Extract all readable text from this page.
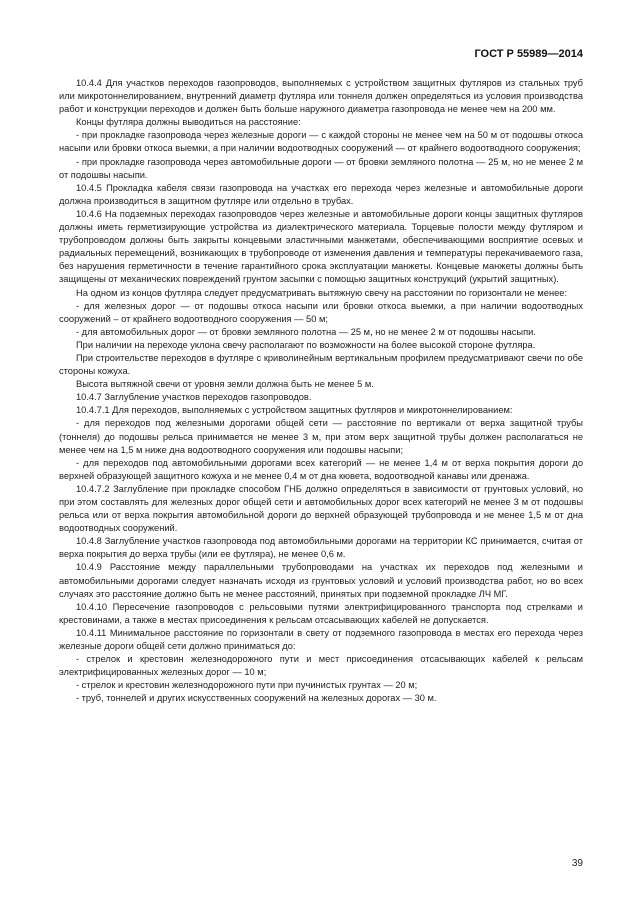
ГОСТ Р 55989—2014

10.4.4 Для участков переходов газопроводов, выполняемых с устройством защитных футляров из стальных труб или микротоннелированием, внутренний диаметр футляра или тоннеля должен определяться из условия производства работ и конструкции переходов и должен быть больше наружного диаметра газопровода не менее чем на 200 мм.

Концы футляра должны выводиться на расстояние:

- при прокладке газопровода через железные дороги — с каждой стороны не менее чем на 50 м от подошвы откоса насыпи или бровки откоса выемки, а при наличии водоотводных сооружений — от крайнего водоотводного сооружения;

- при прокладке газопровода через автомобильные дороги — от бровки земляного полотна — 25 м, но не менее 2 м от подошвы насыпи.

10.4.5 Прокладка кабеля связи газопровода на участках его перехода через железные и автомобильные дороги должна производиться в защитном футляре или отдельно в трубах.

10.4.6 На подземных переходах газопроводов через железные и автомобильные дороги концы защитных футляров должны иметь герметизирующие устройства из диэлектрического материала. Торцевые полости между футляром и трубопроводом должны быть закрыты концевыми эластичными манжетами, обеспечивающими восприятие осевых и радиальных перемещений, возникающих в трубопроводе от изменения давления и температуры перекачиваемого газа, без нарушения герметичности в течение гарантийного срока эксплуатации манжеты. Концевые манжеты должны быть защищены от механических повреждений грунтом засыпки с помощью защитных конструкций (укрытий защитных).

На одном из концов футляра следует предусматривать вытяжную свечу на расстоянии по горизонтали не менее:

- для железных дорог — от подошвы откоса насыпи или бровки откоса выемки, а при наличии водоотводных сооружений – от крайнего водоотводного сооружения — 50 м;

- для автомобильных дорог — от бровки земляного полотна — 25 м, но не менее 2 м от подошвы насыпи.

При наличии на переходе уклона свечу располагают по возможности на более высокой стороне футляра.

При строительстве переходов в футляре с криволинейным вертикальным профилем предусматривают свечи по обе стороны кожуха.

Высота вытяжной свечи от уровня земли должна быть не менее 5 м.

10.4.7 Заглубление участков переходов газопроводов.

10.4.7.1 Для переходов, выполняемых с устройством защитных футляров и микротоннелированием:

- для переходов под железными дорогами общей сети — расстояние по вертикали от верха защитной трубы (тоннеля) до подошвы рельса принимается не менее 3 м, при этом верх защитной трубы должен располагаться не менее чем на 1,5 м ниже дна водоотводного сооружения или подошвы насыпи;

- для переходов под автомобильными дорогами всех категорий — не менее 1,4 м от верха покрытия дороги до верхней образующей защитного кожуха и не менее 0,4 м от дна кювета, водоотводной канавы или дренажа.

10.4.7.2 Заглубление при прокладке способом ГНБ должно определяться в зависимости от грунтовых условий, но при этом составлять для железных дорог общей сети и автомобильных дорог всех категорий не менее 3 м от подошвы рельса или от верха покрытия автомобильной дороги до верхней образующей трубопровода и не менее 1,5 м от дна водоотводных сооружений.

10.4.8 Заглубление участков газопровода под автомобильными дорогами на территории КС принимается, считая от верха покрытия до верха трубы (или ее футляра), не менее 0,6 м.

10.4.9 Расстояние между параллельными трубопроводами на участках их переходов под железными и автомобильными дорогами следует назначать исходя из грунтовых условий и условий производства работ, но во всех случаях это расстояние должно быть не менее расстояний, принятых при подземной прокладке ЛЧ МГ.

10.4.10 Пересечение газопроводов с рельсовыми путями электрифицированного транспорта под стрелками и крестовинами, а также в местах присоединения к рельсам отсасывающих кабелей не допускается.

10.4.11 Минимальное расстояние по горизонтали в свету от подземного газопровода в местах его перехода через железные дороги общей сети должно приниматься до:

- стрелок и крестовин железнодорожного пути и мест присоединения отсасывающих кабелей к рельсам электрифицированных железных дорог — 10 м;

- стрелок и крестовин железнодорожного пути при пучинистых грунтах — 20 м;

- труб, тоннелей и других искусственных сооружений на железных дорогах — 30 м.

39
